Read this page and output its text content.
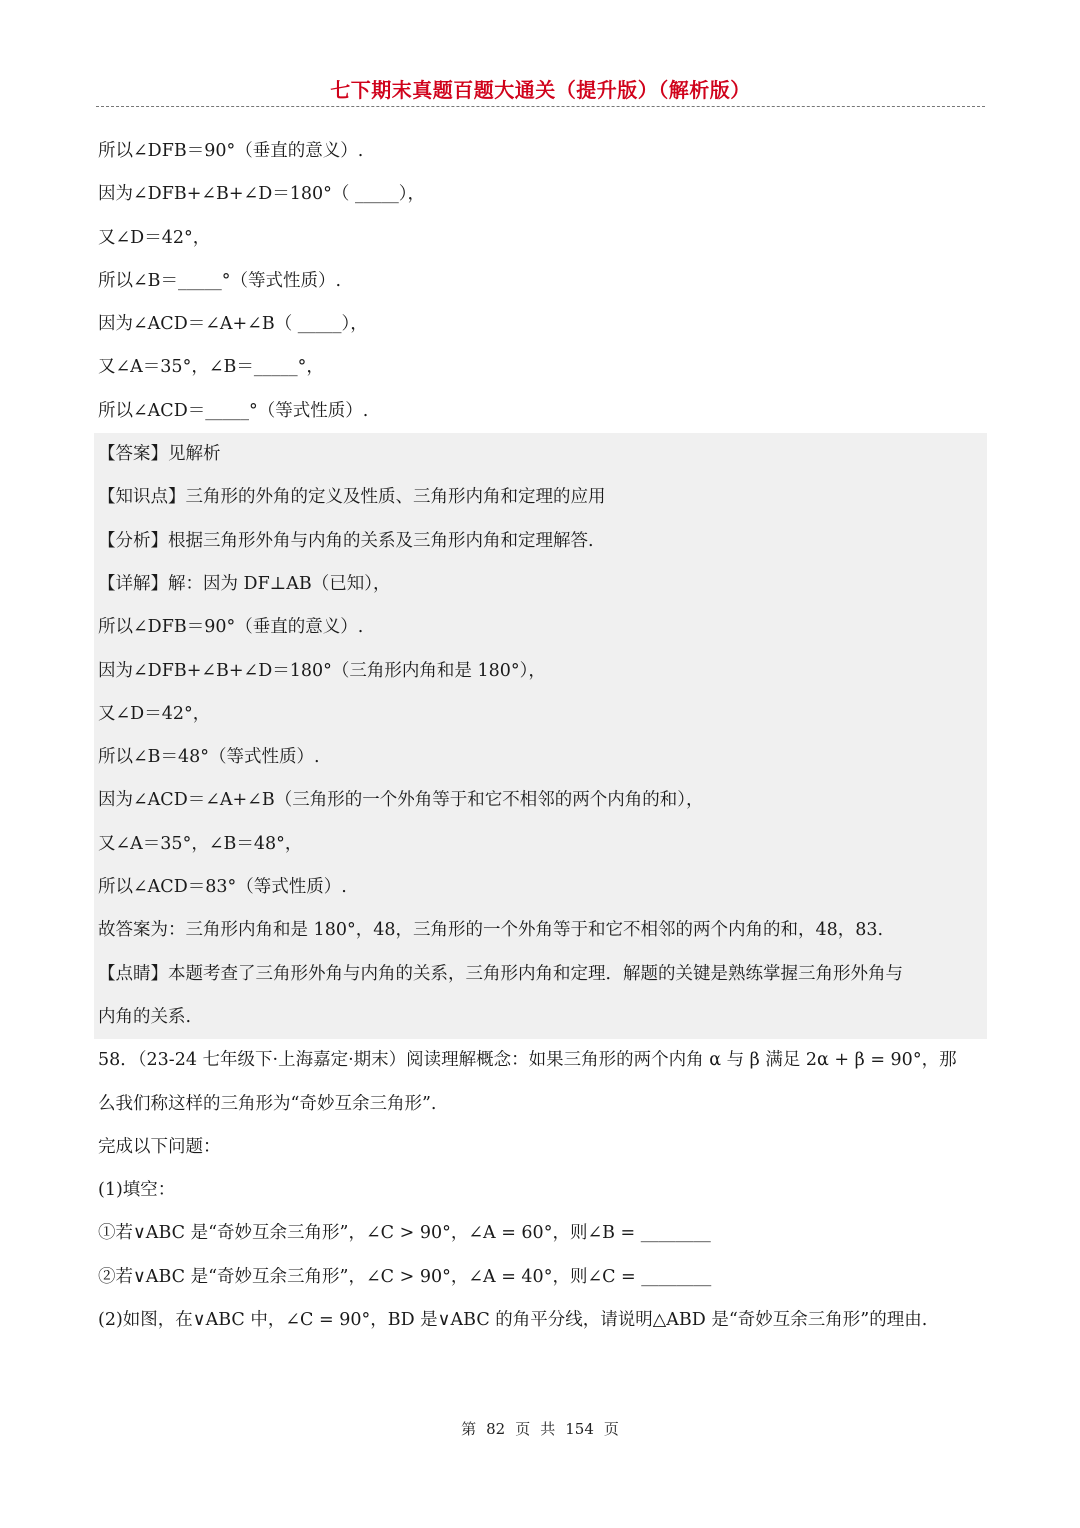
七下期末真题百题大通关（提升版）（解析版）
所以∠DFB＝90°（垂直的意义）.
因为∠DFB+∠B+∠D＝180°（ _____），
又∠D＝42°，
所以∠B＝_____°（等式性质）.
因为∠ACD＝∠A+∠B（ _____），
又∠A＝35°，∠B＝_____°，
所以∠ACD＝_____°（等式性质）.
【答案】见解析
【知识点】三角形的外角的定义及性质、三角形内角和定理的应用
【分析】根据三角形外角与内角的关系及三角形内角和定理解答.
【详解】解：因为 DF⊥AB（已知），
所以∠DFB＝90°（垂直的意义）.
因为∠DFB+∠B+∠D＝180°（三角形内角和是 180°），
又∠D＝42°，
所以∠B＝48°（等式性质）.
因为∠ACD＝∠A+∠B（三角形的一个外角等于和它不相邻的两个内角的和），
又∠A＝35°，∠B＝48°，
所以∠ACD＝83°（等式性质）.
故答案为：三角形内角和是 180°，48，三角形的一个外角等于和它不相邻的两个内角的和，48，83.
【点睛】本题考查了三角形外角与内角的关系，三角形内角和定理．解题的关键是熟练掌握三角形外角与
内角的关系.
58．（23-24 七年级下·上海嘉定·期末）阅读理解概念：如果三角形的两个内角 α 与 β 满足 2α + β = 90°，那
么我们称这样的三角形为“奇妙互余三角形”.
完成以下问题：
(1)填空：
①若∨ABC 是“奇妙互余三角形”，∠C > 90°，∠A = 60°，则∠B = ________
②若∨ABC 是“奇妙互余三角形”，∠C > 90°，∠A = 40°，则∠C = ________
(2)如图，在∨ABC 中，∠C = 90°，BD 是∨ABC 的角平分线，请说明△ABD 是“奇妙互余三角形”的理由.
第 82 页 共 154 页
